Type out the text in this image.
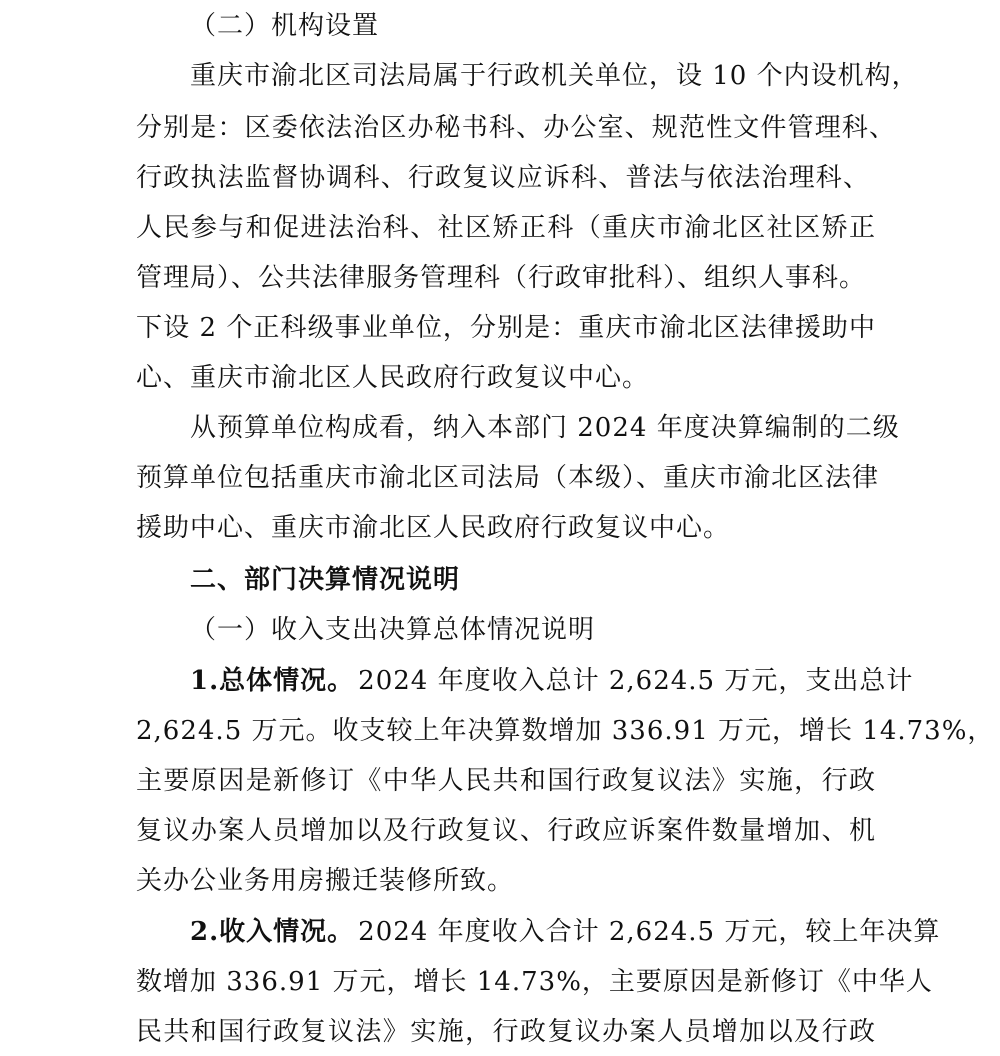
（二）机构设置
重庆市渝北区司法局属于行政机关单位，设 10 个内设机构，
分别是：区委依法治区办秘书科、办公室、规范性文件管理科、
行政执法监督协调科、行政复议应诉科、普法与依法治理科、
人民参与和促进法治科、社区矫正科（重庆市渝北区社区矫正
管理局）、公共法律服务管理科（行政审批科）、组织人事科。
下设 2 个正科级事业单位，分别是：重庆市渝北区法律援助中
心、重庆市渝北区人民政府行政复议中心。
从预算单位构成看，纳入本部门 2024 年度决算编制的二级
预算单位包括重庆市渝北区司法局（本级）、重庆市渝北区法律
援助中心、重庆市渝北区人民政府行政复议中心。
二、部门决算情况说明
（一）收入支出决算总体情况说明
1.总体情况。 2024 年度收入总计 2,624.5 万元，支出总计
2,624.5 万元。收支较上年决算数增加 336.91 万元，增长 14.73%，
主要原因是新修订《中华人民共和国行政复议法》实施，行政
复议办案人员增加以及行政复议、行政应诉案件数量增加、机
关办公业务用房搬迁装修所致。
2.收入情况。 2024 年度收入合计 2,624.5 万元，较上年决算
数增加 336.91 万元，增长 14.73%，主要原因是新修订《中华人
民共和国行政复议法》实施，行政复议办案人员增加以及行政
